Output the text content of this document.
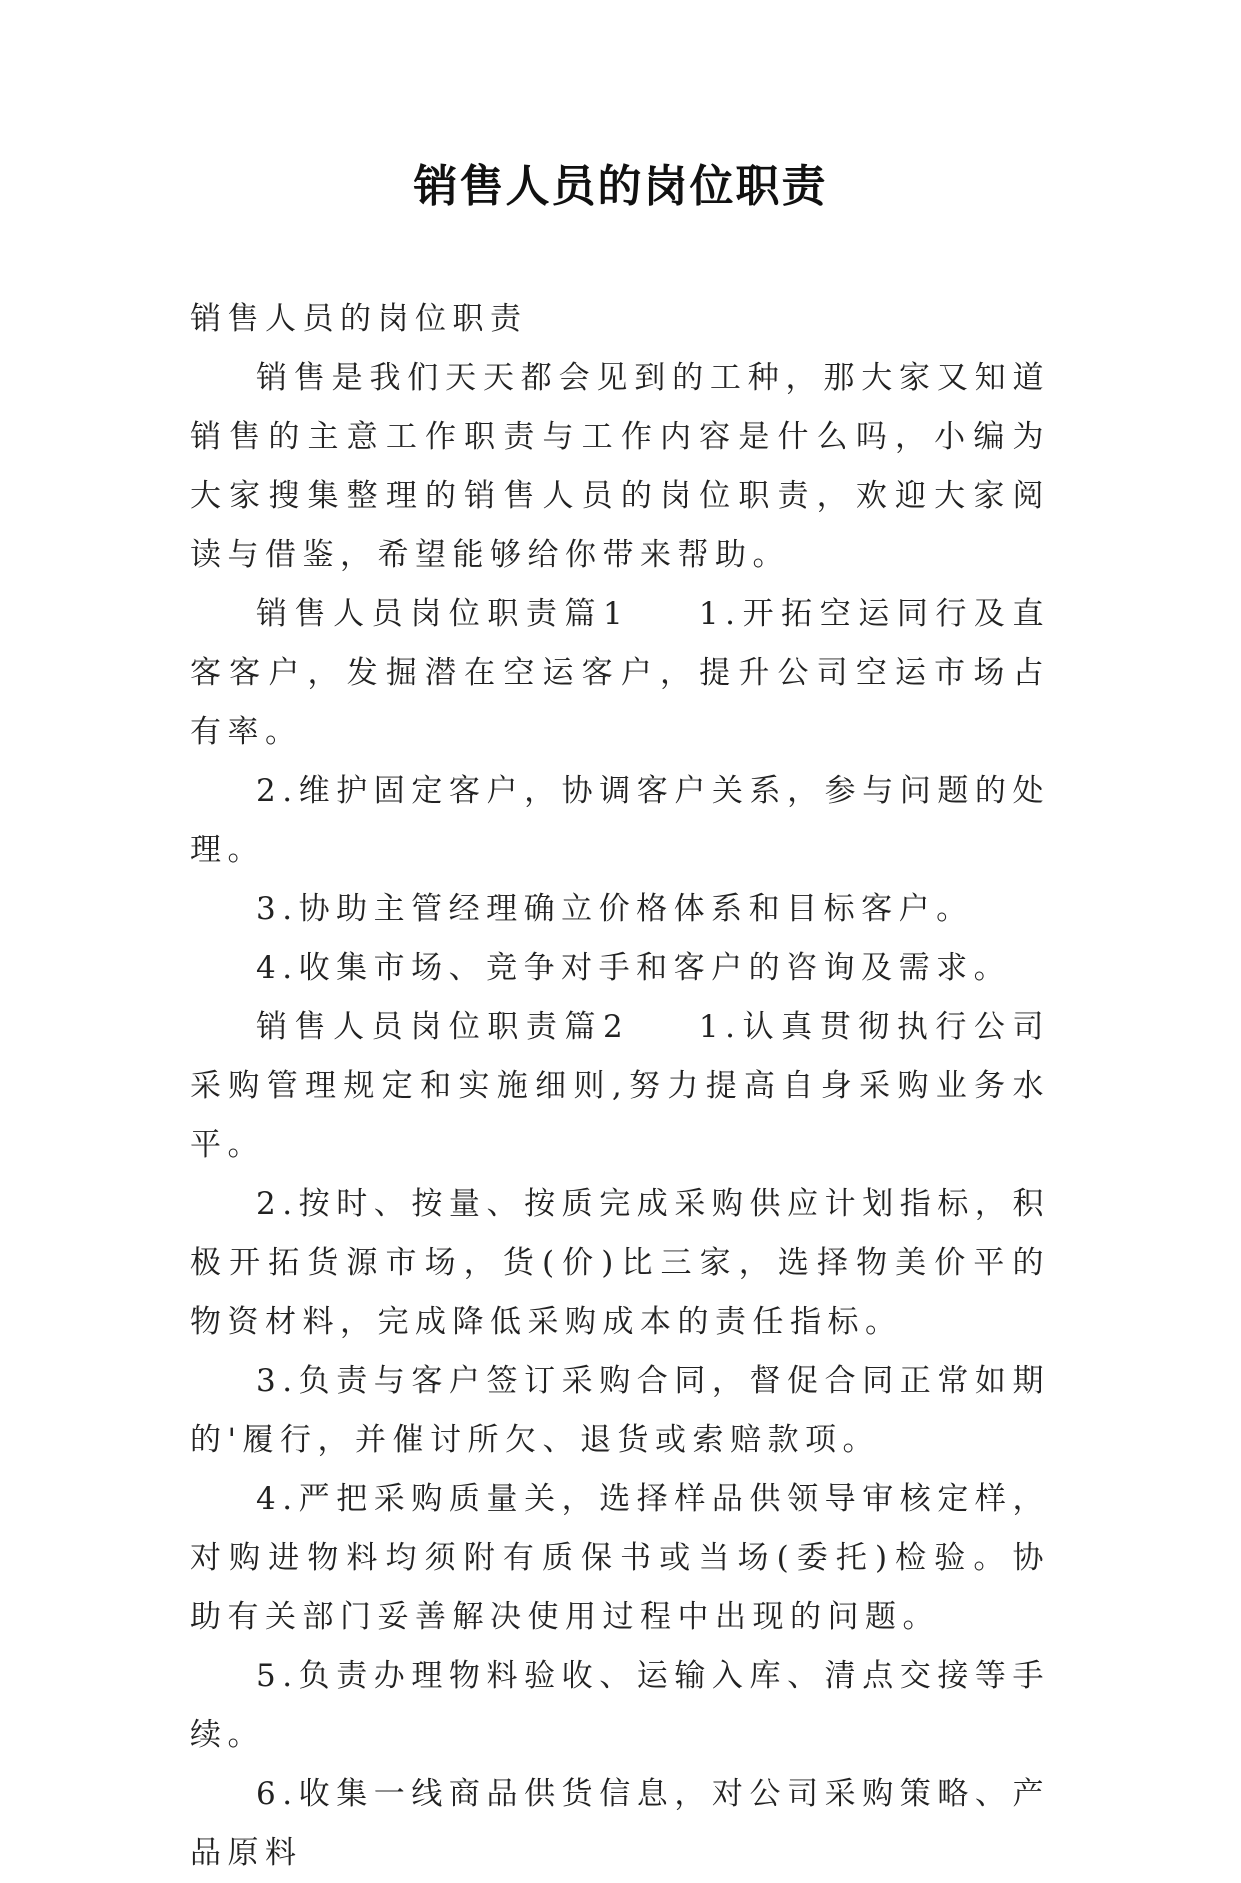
销售人员的岗位职责

销售人员的岗位职责

销售是我们天天都会见到的工种，那大家又知道销售的主意工作职责与工作内容是什么吗，小编为大家搜集整理的销售人员的岗位职责，欢迎大家阅读与借鉴，希望能够给你带来帮助。

销售人员岗位职责篇1    1.开拓空运同行及直客客户，发掘潜在空运客户，提升公司空运市场占有率。

2.维护固定客户，协调客户关系，参与问题的处理。

3.协助主管经理确立价格体系和目标客户。

4.收集市场、竞争对手和客户的咨询及需求。

销售人员岗位职责篇2    1.认真贯彻执行公司采购管理规定和实施细则,努力提高自身采购业务水平。

2.按时、按量、按质完成采购供应计划指标，积极开拓货源市场，货(价)比三家，选择物美价平的物资材料，完成降低采购成本的责任指标。

3.负责与客户签订采购合同，督促合同正常如期的'履行，并催讨所欠、退货或索赔款项。

4.严把采购质量关，选择样品供领导审核定样，对购进物料均须附有质保书或当场(委托)检验。协助有关部门妥善解决使用过程中出现的问题。

5.负责办理物料验收、运输入库、清点交接等手续。

6.收集一线商品供货信息，对公司采购策略、产品原料
